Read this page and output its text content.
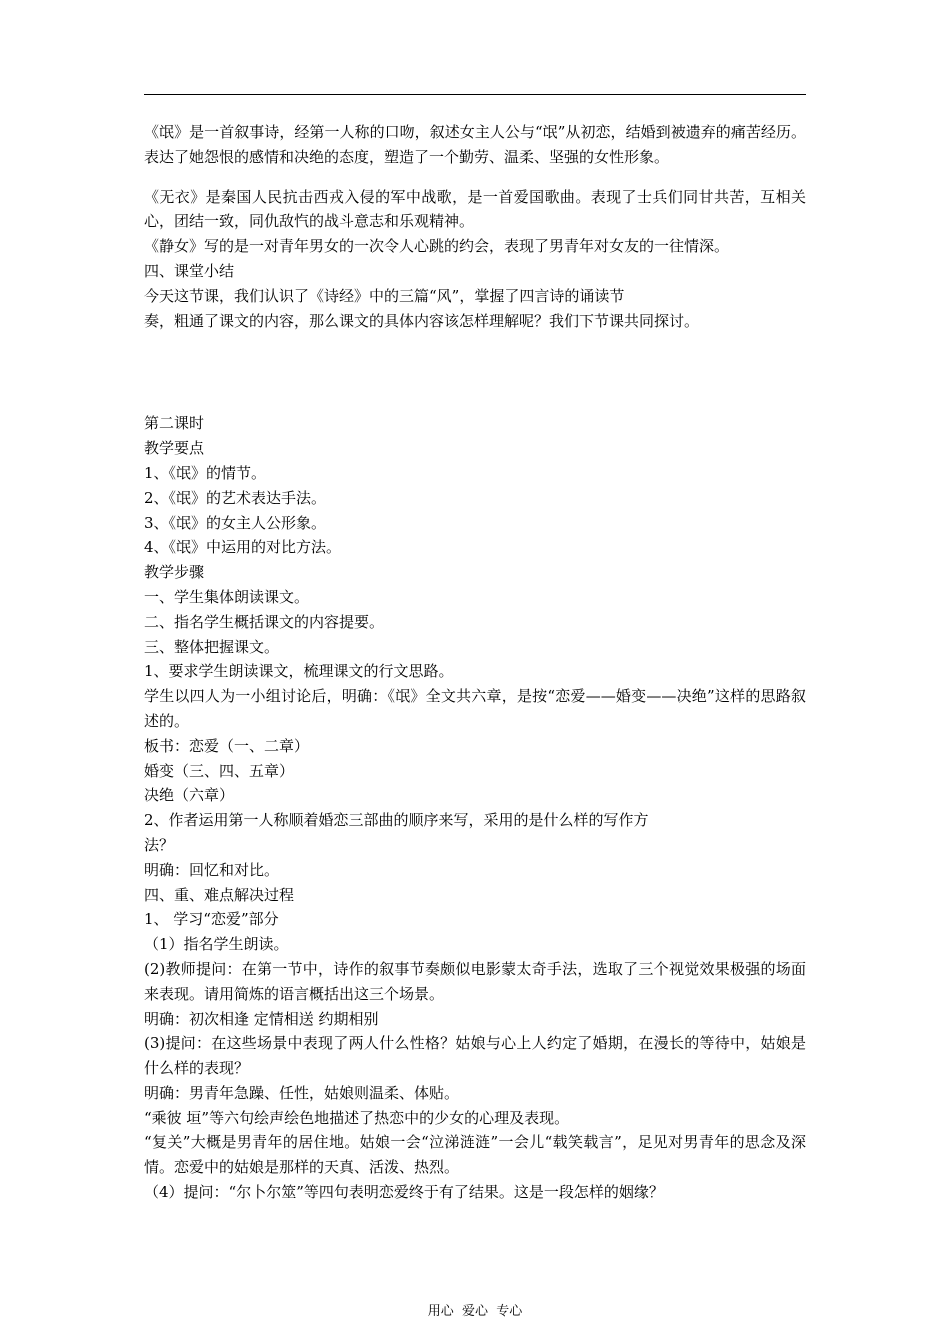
《氓》是一首叙事诗，经第一人称的口吻，叙述女主人公与“氓”从初恋，结婚到被遗弃的痛苦经历。表达了她怨恨的感情和决绝的态度，塑造了一个勤劳、温柔、坚强的女性形象。

《无衣》是秦国人民抗击西戎入侵的军中战歌，是一首爱国歌曲。表现了士兵们同甘共苦，互相关心，团结一致，同仇敌忾的战斗意志和乐观精神。

《静女》写的是一对青年男女的一次令人心跳的约会，表现了男青年对女友的一往情深。

四、课堂小结

今天这节课，我们认识了《诗经》中的三篇“风”，掌握了四言诗的诵读节

奏，粗通了课文的内容，那么课文的具体内容该怎样理解呢？我们下节课共同探讨。

第二课时

教学要点

1、《氓》的情节。

2、《氓》的艺术表达手法。

3、《氓》的女主人公形象。

4、《氓》中运用的对比方法。

教学步骤

一、学生集体朗读课文。

二、指名学生概括课文的内容提要。

三、整体把握课文。

1、要求学生朗读课文，梳理课文的行文思路。

学生以四人为一小组讨论后，明确：《氓》全文共六章，是按“恋爱——婚变——决绝”这样的思路叙述的。

板书：恋爱（一、二章）

婚变（三、四、五章）

决绝（六章）

2、作者运用第一人称顺着婚恋三部曲的顺序来写，采用的是什么样的写作方

法？

明确：回忆和对比。

四、重、难点解决过程

1、 学习“恋爱”部分

（1）指名学生朗读。

(2)教师提问：在第一节中，诗作的叙事节奏颇似电影蒙太奇手法，选取了三个视觉效果极强的场面来表现。请用简炼的语言概括出这三个场景。

明确：初次相逢 定情相送 约期相别

(3)提问：在这些场景中表现了两人什么性格？姑娘与心上人约定了婚期，在漫长的等待中，姑娘是什么样的表现？

明确：男青年急躁、任性，姑娘则温柔、体贴。

“乘彼 垣”等六句绘声绘色地描述了热恋中的少女的心理及表现。

“复关”大概是男青年的居住地。姑娘一会“泣涕涟涟”一会儿“载笑载言”，足见对男青年的思念及深情。恋爱中的姑娘是那样的天真、活泼、热烈。

（4）提问：“尔卜尔筮”等四句表明恋爱终于有了结果。这是一段怎样的姻缘？

用心  爱心  专心
